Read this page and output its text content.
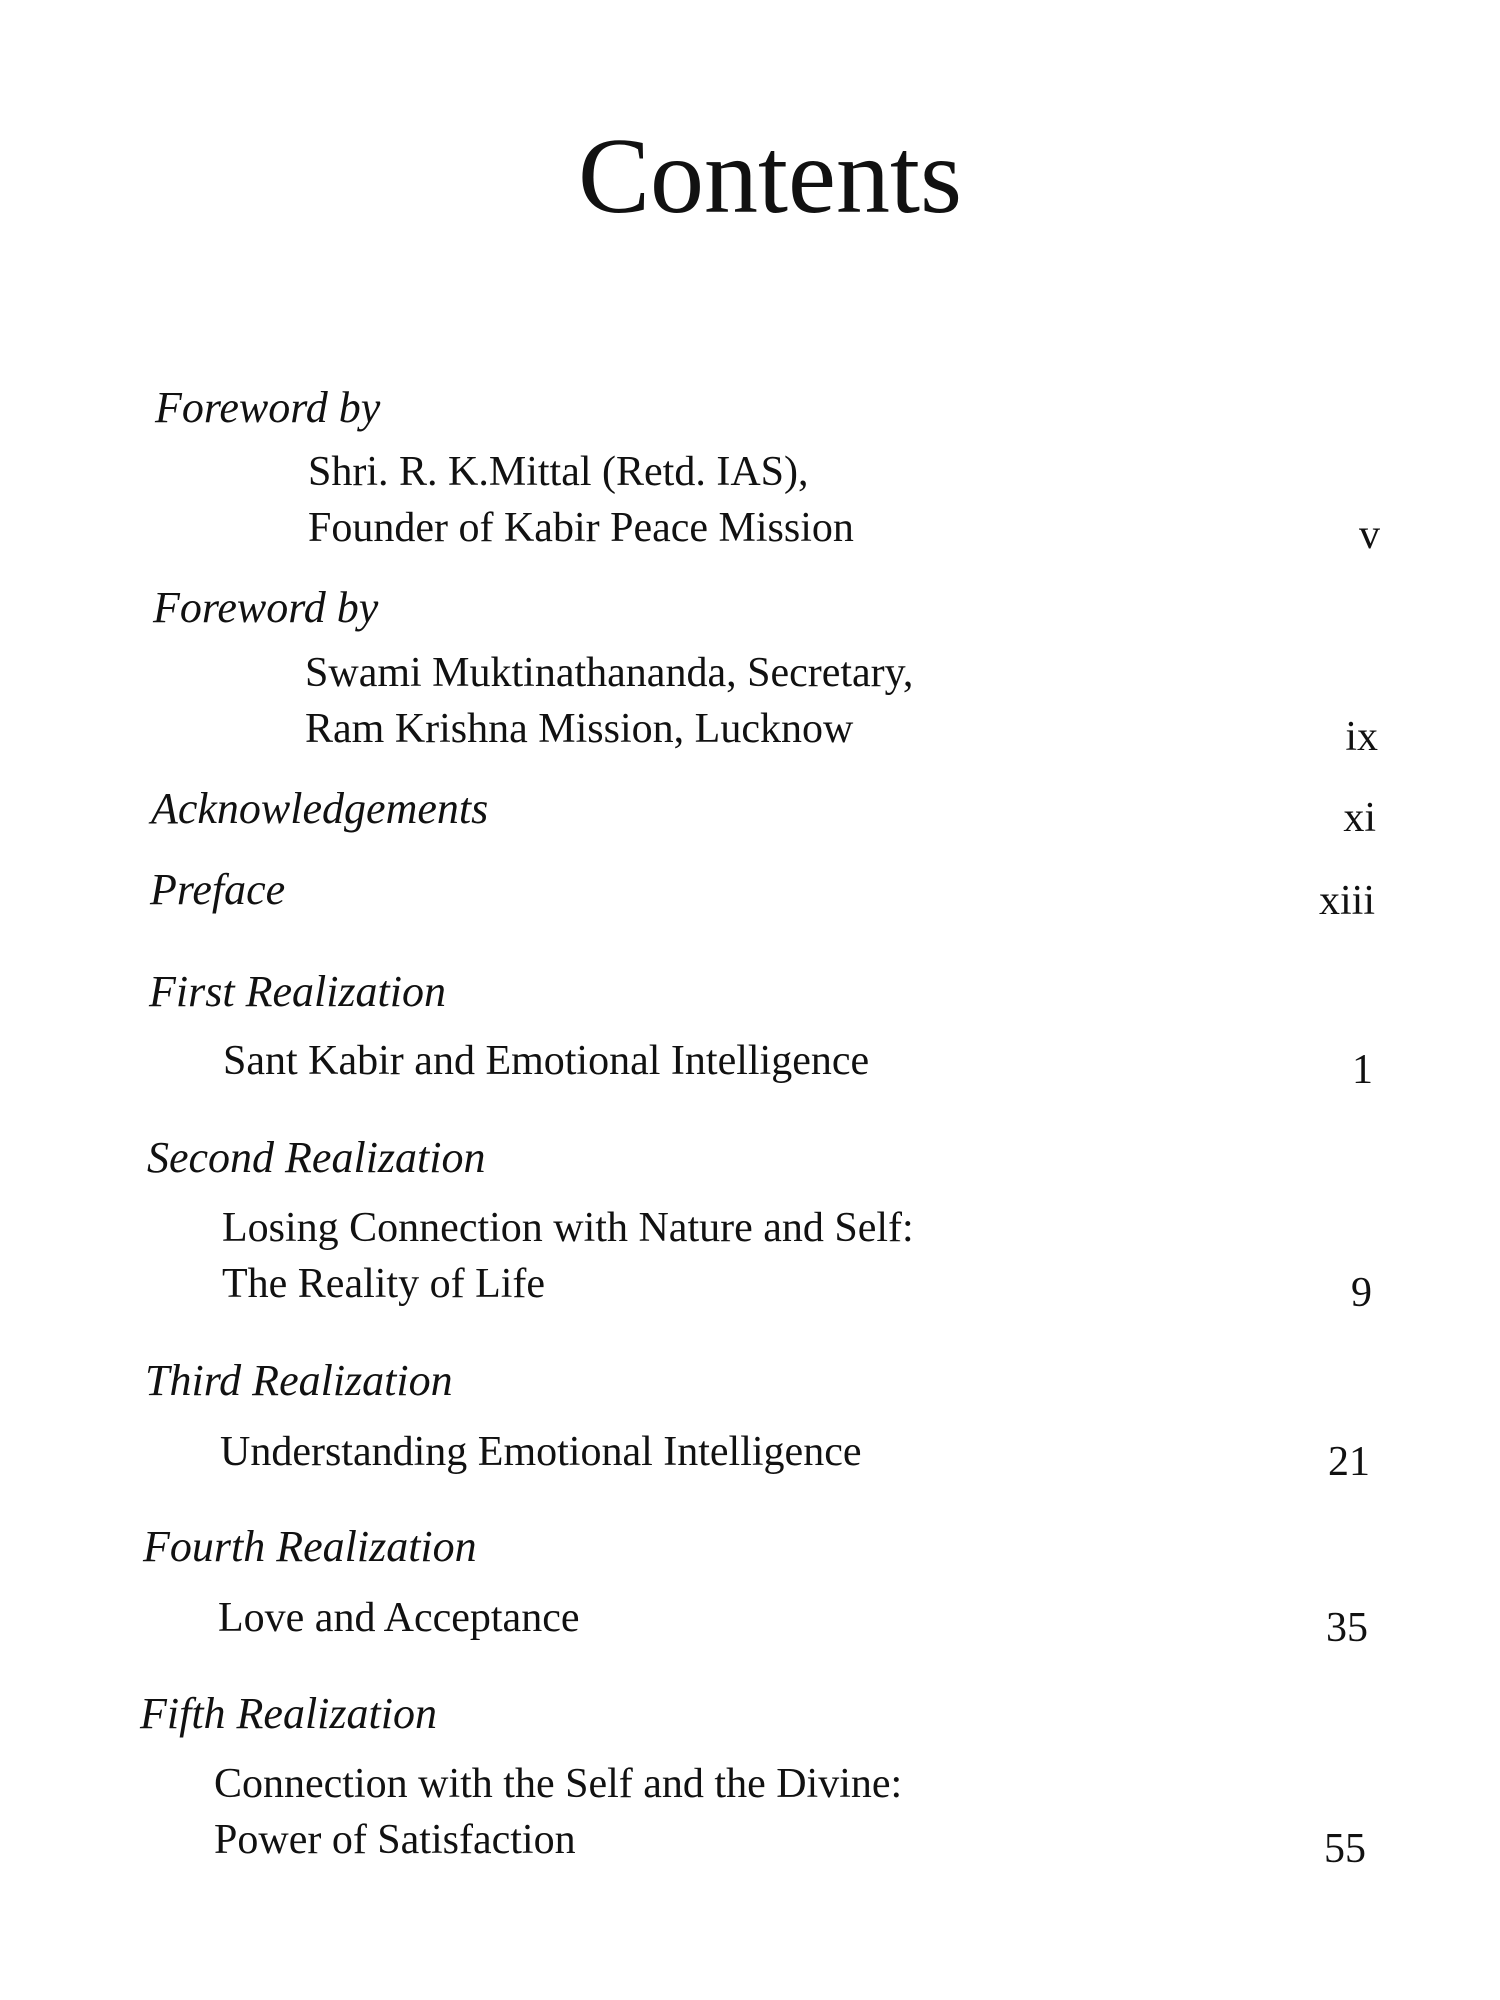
Contents
Foreword by
Shri. R. K.Mittal (Retd. IAS),
Founder of Kabir Peace Mission	v
Foreword by
Swami Muktinathananda, Secretary,
Ram Krishna Mission, Lucknow	ix
Acknowledgements	xi
Preface	xiii
First Realization
Sant Kabir and Emotional Intelligence	1
Second Realization
Losing Connection with Nature and Self:
The Reality of Life	9
Third Realization
Understanding Emotional Intelligence	21
Fourth Realization
Love and Acceptance	35
Fifth Realization
Connection with the Self and the Divine:
Power of Satisfaction	55
